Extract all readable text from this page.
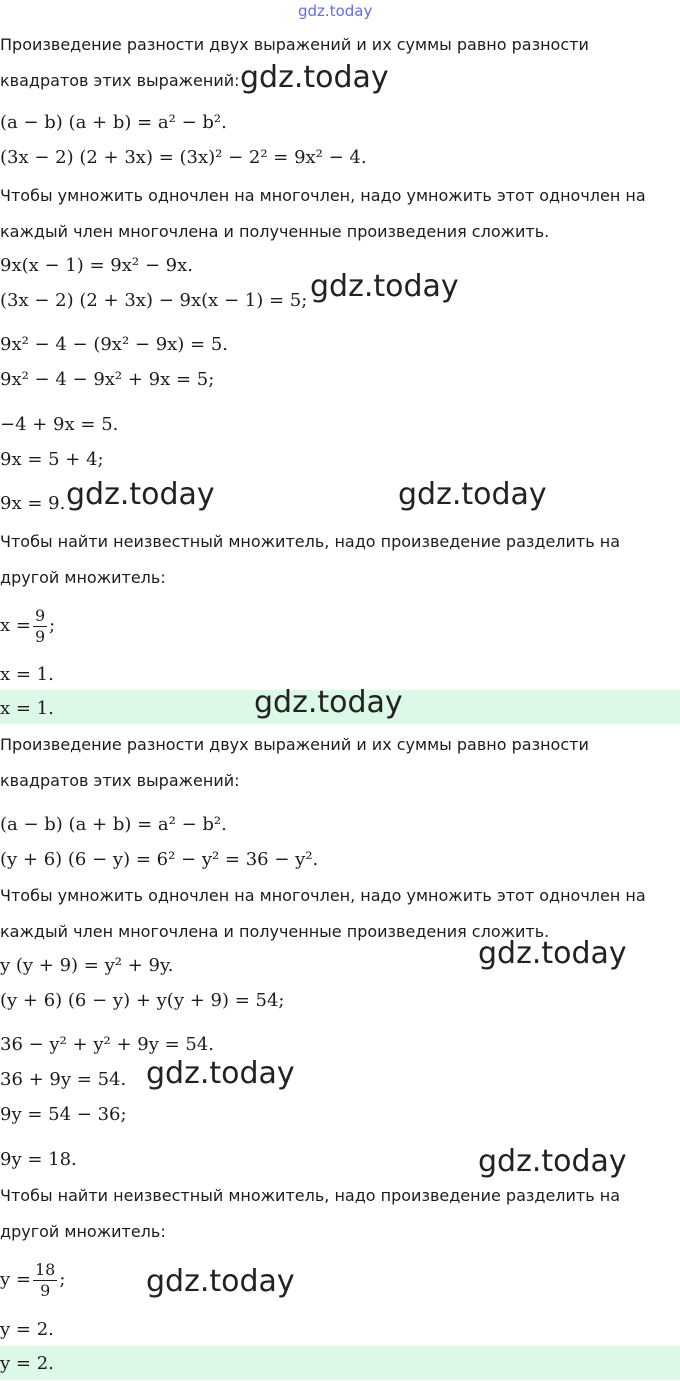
gdz.today
Произведение разности двух выражений и их суммы равно разности
квадратов этих выражений:
(a − b) (a + b) = a² − b².
(3x − 2) (2 + 3x) = (3x)² − 2² = 9x² − 4.
Чтобы умножить одночлен на многочлен, надо умножить этот одночлен на
каждый член многочлена и полученные произведения сложить.
9x(x − 1) = 9x² − 9x.
(3x − 2) (2 + 3x) − 9x(x − 1) = 5;
9x² − 4 − (9x² − 9x) = 5.
9x² − 4 − 9x² + 9x = 5;
−4 + 9x = 5.
9x = 5 + 4;
9x = 9.
Чтобы найти неизвестный множитель, надо произведение разделить на
другой множитель:
$x = \frac{9}{9}$ ;
x = 1.
x = 1.
Произведение разности двух выражений и их суммы равно разности
квадратов этих выражений:
(a − b) (a + b) = a² − b².
(y + 6) (6 − y) = 6² − y² = 36 − y².
Чтобы умножить одночлен на многочлен, надо умножить этот одночлен на
каждый член многочлена и полученные произведения сложить.
y (y + 9) = y² + 9y.
(y + 6) (6 − y) + y(y + 9) = 54;
36 − y² + y² + 9y = 54.
36 + 9y = 54.
9y = 54 − 36;
9y = 18.
Чтобы найти неизвестный множитель, надо произведение разделить на
другой множитель:
$y = \frac{18}{9}$ ;
y = 2.
y = 2.
gdz.today
gdz.today
gdz.today	gdz.today
gdz.today
gdz.today
gdz.today
gdz.today
gdz.today
